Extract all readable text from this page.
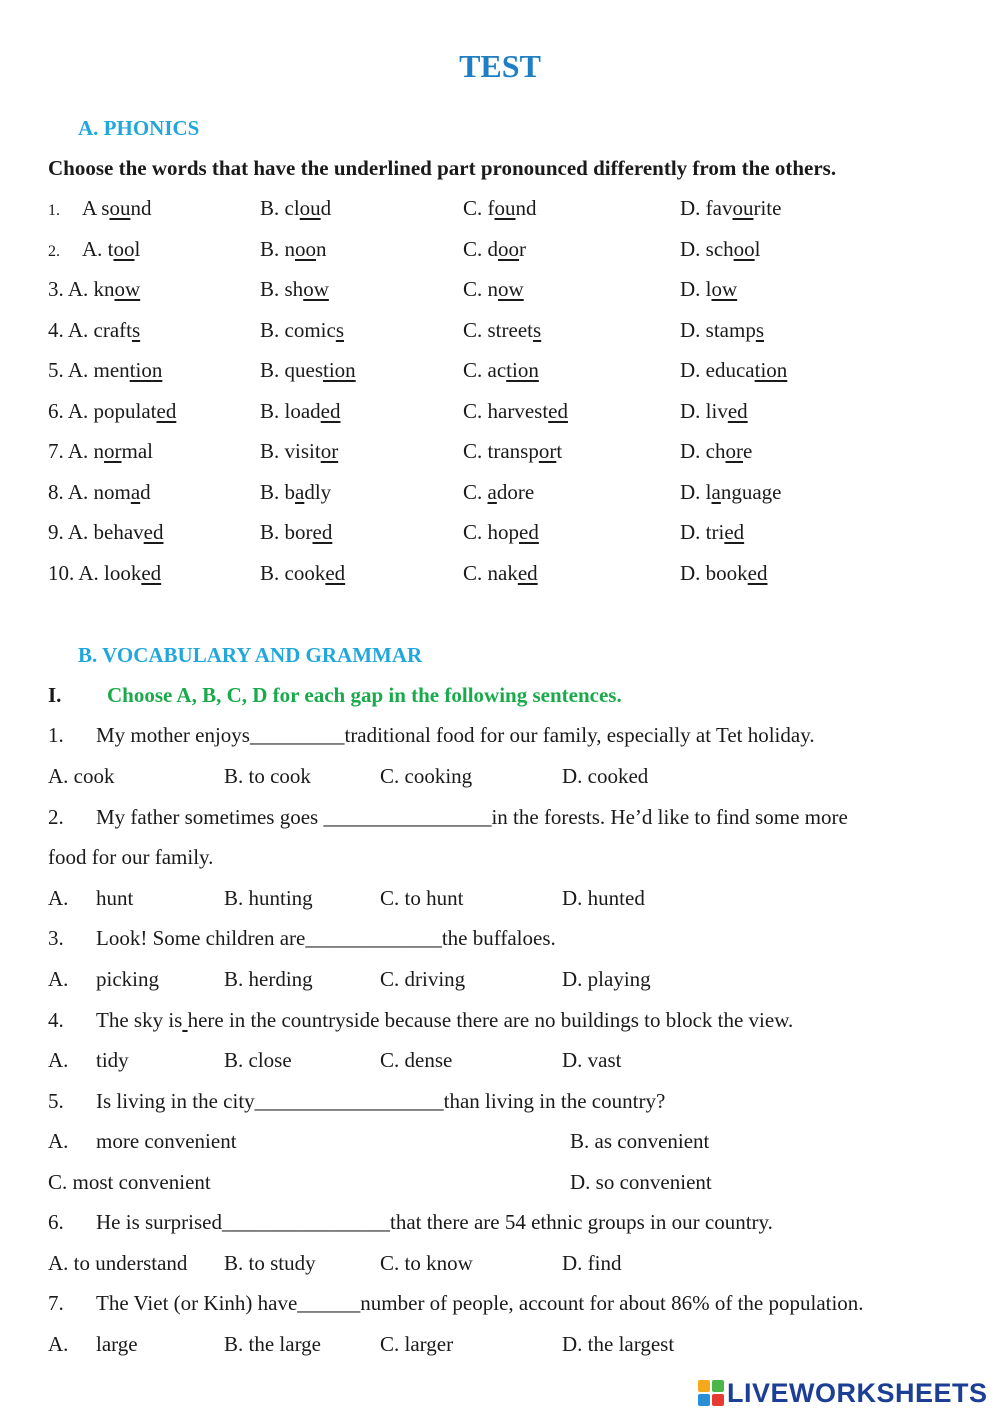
TEST
A. PHONICS
Choose the words that have the underlined part pronounced differently from the others.
1. A sound	B. cloud	C. found	D. favourite
2. A. tool	B. noon	C. door	D. school
3. A. know	B. show	C. now	D. low
4. A. crafts	B. comics	C. streets	D. stamps
5. A. mention	B. question	C. action	D. education
6. A. populated	B. loaded	C. harvested	D. lived
7. A. normal	B. visitor	C. transport	D. chore
8. A. nomad	B. badly	C. adore	D. language
9. A. behaved	B. bored	C. hoped	D. tried
10. A. looked	B. cooked	C. naked	D. booked
B. VOCABULARY AND GRAMMAR
I. Choose A, B, C, D for each gap in the following sentences.
1. My mother enjoys_________traditional food for our family, especially at Tet holiday.
A. cook	B. to cook	C. cooking	D. cooked
2. My father sometimes goes ________________in the forests. He’d like to find some more
food for our family.
A. hunt	B. hunting	C. to hunt	D. hunted
3. Look! Some children are_____________the buffaloes.
A. picking	B. herding	C. driving	D. playing
4. The sky is here in the countryside because there are no buildings to block the view.
A. tidy	B. close	C. dense	D. vast
5. Is living in the city__________________than living in the country?
A. more convenient	B. as convenient
C. most convenient	D. so convenient
6. He is surprised________________that there are 54 ethnic groups in our country.
A. to understand B. to study	C. to know	D. find
7. The Viet (or Kinh) have______number of people, account for about 86% of the population.
A. large	B. the large	C. larger	D. the largest
LIVEWORKSHEETS
